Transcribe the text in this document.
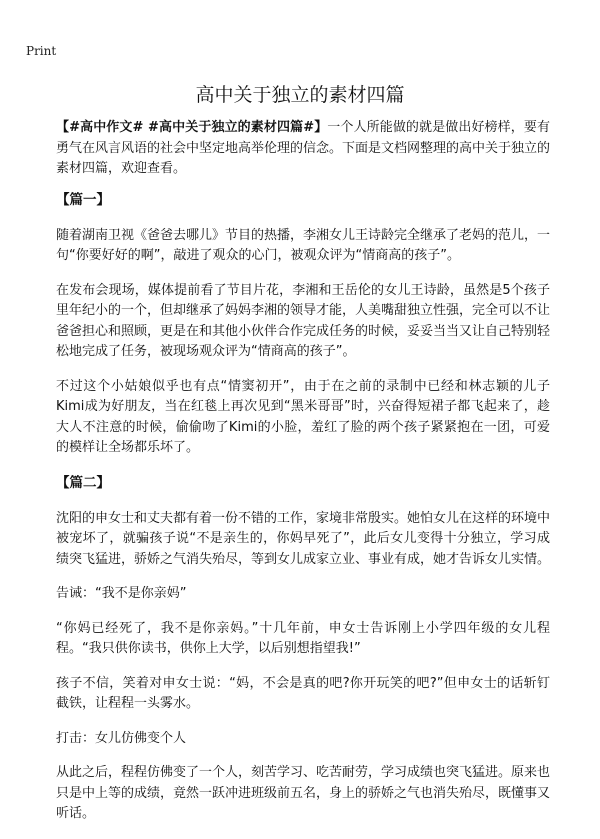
Print
高中关于独立的素材四篇

【#高中作文# #高中关于独立的素材四篇#】一个人所能做的就是做出好榜样，要有勇气在风言风语的社会中坚定地高举伦理的信念。下面是文档网整理的高中关于独立的素材四篇，欢迎查看。

【篇一】

随着湖南卫视《爸爸去哪儿》节目的热播，李湘女儿王诗龄完全继承了老妈的范儿，一句“你要好好的啊”，敲进了观众的心门，被观众评为“情商高的孩子”。

在发布会现场，媒体提前看了节目片花，李湘和王岳伦的女儿王诗龄，虽然是5个孩子里年纪小的一个，但却继承了妈妈李湘的领导才能，人美嘴甜独立性强，完全可以不让爸爸担心和照顾，更是在和其他小伙伴合作完成任务的时候，妥妥当当又让自己特别轻松地完成了任务，被现场观众评为“情商高的孩子”。

不过这个小姑娘似乎也有点“情窦初开”，由于在之前的录制中已经和林志颖的儿子Kimi成为好朋友，当在红毯上再次见到“黑米哥哥”时，兴奋得短裙子都飞起来了，趁大人不注意的时候，偷偷吻了Kimi的小脸，羞红了脸的两个孩子紧紧抱在一团，可爱的模样让全场都乐坏了。

【篇二】

沈阳的申女士和丈夫都有着一份不错的工作，家境非常殷实。她怕女儿在这样的环境中被宠坏了，就骗孩子说“不是亲生的，你妈早死了”，此后女儿变得十分独立，学习成绩突飞猛进，骄娇之气消失殆尽，等到女儿成家立业、事业有成，她才告诉女儿实情。

告诫：“我不是你亲妈”

“你妈已经死了，我不是你亲妈。”十几年前，申女士告诉刚上小学四年级的女儿程程。“我只供你读书，供你上大学，以后别想指望我!”

孩子不信，笑着对申女士说：“妈，不会是真的吧?你开玩笑的吧?”但申女士的话斩钉截铁，让程程一头雾水。

打击：女儿仿佛变个人

从此之后，程程仿佛变了一个人，刻苦学习、吃苦耐劳，学习成绩也突飞猛进。原来也只是中上等的成绩，竟然一跃冲进班级前五名，身上的骄娇之气也消失殆尽，既懂事又听话。
